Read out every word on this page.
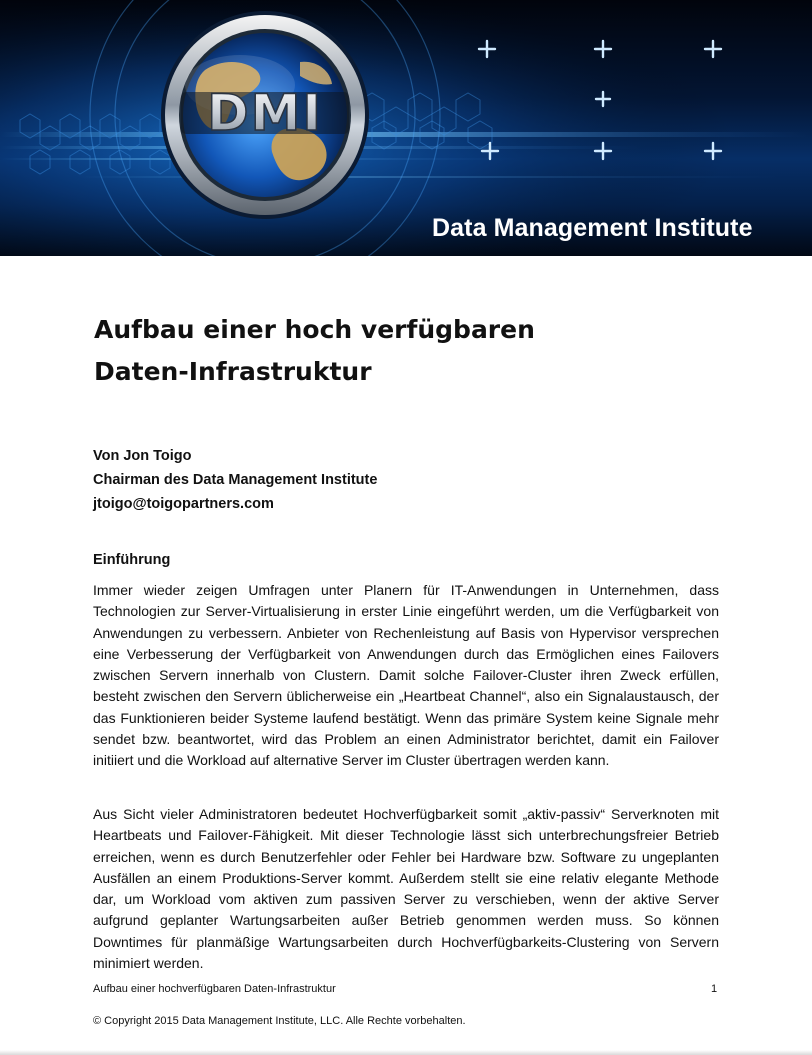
DMI
Data Management Institute
Aufbau einer hoch verfügbaren
Daten-Infrastruktur
Von Jon Toigo
Chairman des Data Management Institute
jtoigo@toigopartners.com
Einführung

Immer wieder zeigen Umfragen unter Planern für IT-Anwendungen in Unternehmen, dass Technologien zur Server-Virtualisierung in erster Linie eingeführt werden, um die Verfügbarkeit von Anwendungen zu verbessern. Anbieter von Rechenleistung auf Basis von Hypervisor versprechen eine Verbesserung der Verfügbarkeit von Anwendungen durch das Ermöglichen eines Failovers zwischen Servern innerhalb von Clustern. Damit solche Failover-Cluster ihren Zweck erfüllen, besteht zwischen den Servern üblicherweise ein „Heartbeat Channel“, also ein Signalaustausch, der das Funktionieren beider Systeme laufend bestätigt. Wenn das primäre System keine Signale mehr sendet bzw. beantwortet, wird das Problem an einen Administrator berichtet, damit ein Failover initiiert und die Workload auf alternative Server im Cluster übertragen werden kann.

Aus Sicht vieler Administratoren bedeutet Hochverfügbarkeit somit „aktiv-passiv“ Serverknoten mit Heartbeats und Failover-Fähigkeit. Mit dieser Technologie lässt sich unterbrechungsfreier Betrieb erreichen, wenn es durch Benutzerfehler oder Fehler bei Hardware bzw. Software zu ungeplanten Ausfällen an einem Produktions-Server kommt. Außerdem stellt sie eine relativ elegante Methode dar, um Workload vom aktiven zum passiven Server zu verschieben, wenn der aktive Server aufgrund geplanter Wartungsarbeiten außer Betrieb genommen werden muss. So können Downtimes für planmäßige Wartungsarbeiten durch Hochverfügbarkeits-Clustering von Servern minimiert werden.

Aufbau einer hochverfügbaren Daten-Infrastruktur	1
© Copyright 2015 Data Management Institute, LLC. Alle Rechte vorbehalten.
